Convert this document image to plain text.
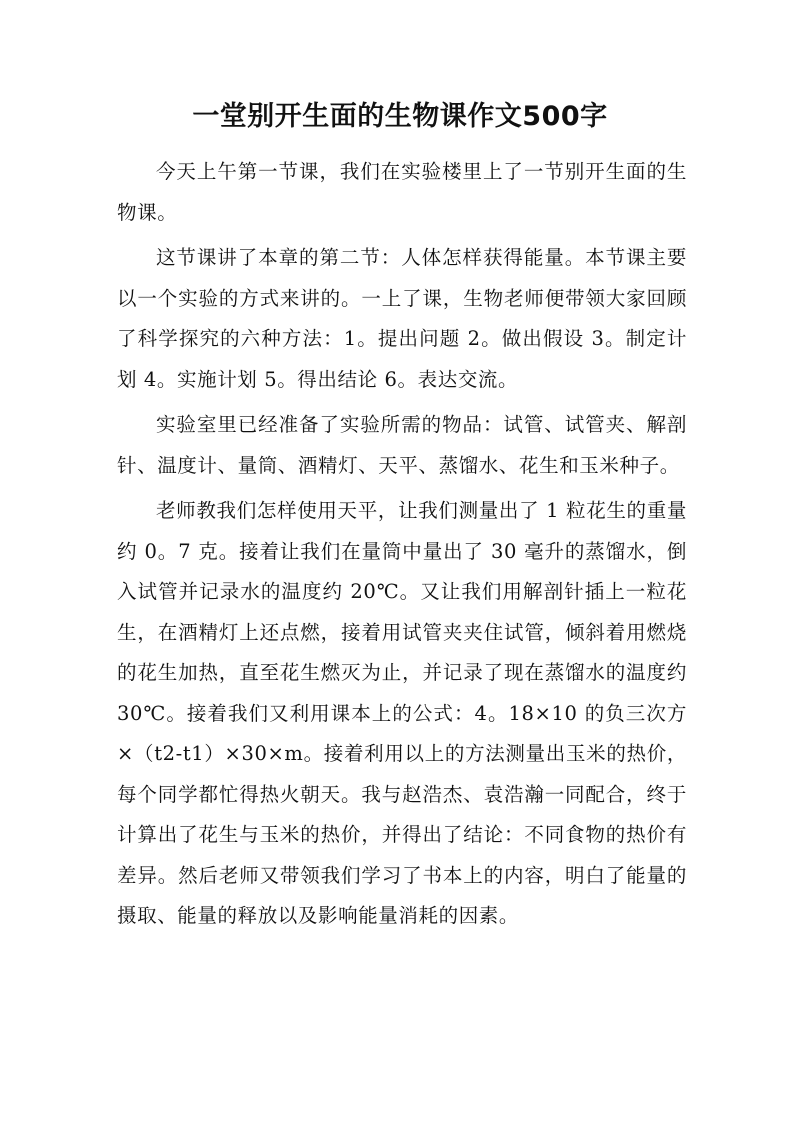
一堂别开生面的生物课作文500字

今天上午第一节课，我们在实验楼里上了一节别开生面的生物课。

这节课讲了本章的第二节：人体怎样获得能量。本节课主要以一个实验的方式来讲的。一上了课，生物老师便带领大家回顾了科学探究的六种方法：1。提出问题 2。做出假设 3。制定计划 4。实施计划 5。得出结论 6。表达交流。

实验室里已经准备了实验所需的物品：试管、试管夹、解剖针、温度计、量筒、酒精灯、天平、蒸馏水、花生和玉米种子。

老师教我们怎样使用天平，让我们测量出了 1 粒花生的重量约 0。7 克。接着让我们在量筒中量出了 30 毫升的蒸馏水，倒入试管并记录水的温度约 20℃。又让我们用解剖针插上一粒花生，在酒精灯上还点燃，接着用试管夹夹住试管，倾斜着用燃烧的花生加热，直至花生燃灭为止，并记录了现在蒸馏水的温度约 30℃。接着我们又利用课本上的公式：4。18×10 的负三次方×（t2-t1）×30×m。接着利用以上的方法测量出玉米的热价，每个同学都忙得热火朝天。我与赵浩杰、袁浩瀚一同配合，终于计算出了花生与玉米的热价，并得出了结论：不同食物的热价有差异。然后老师又带领我们学习了书本上的内容，明白了能量的摄取、能量的释放以及影响能量消耗的因素。
